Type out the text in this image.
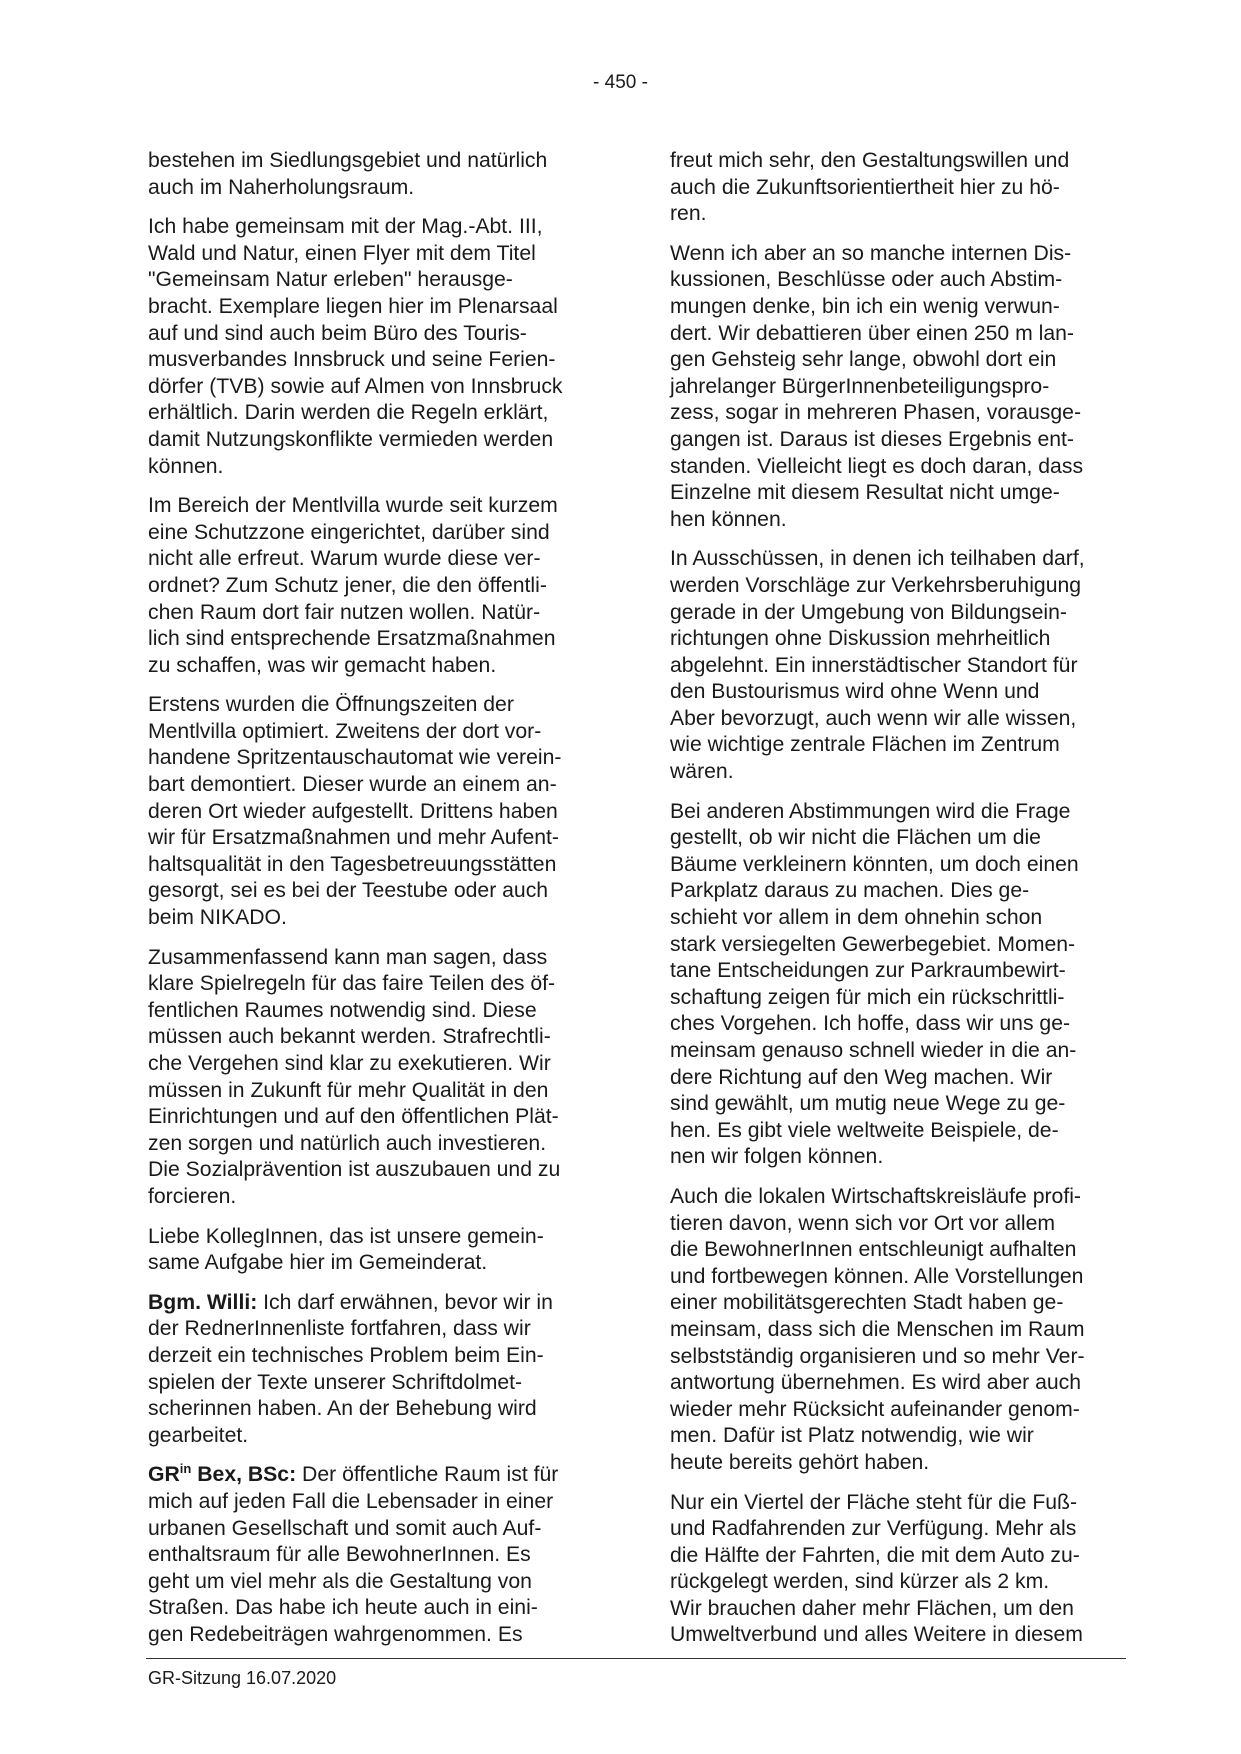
- 450 -

bestehen im Siedlungsgebiet und natürlich
auch im Naherholungsraum.

Ich habe gemeinsam mit der Mag.-Abt. III,
Wald und Natur, einen Flyer mit dem Titel
"Gemeinsam Natur erleben" herausge-
bracht. Exemplare liegen hier im Plenarsaal
auf und sind auch beim Büro des Touris-
musverbandes Innsbruck und seine Ferien-
dörfer (TVB) sowie auf Almen von Innsbruck
erhältlich. Darin werden die Regeln erklärt,
damit Nutzungskonflikte vermieden werden
können.

Im Bereich der Mentlvilla wurde seit kurzem
eine Schutzzone eingerichtet, darüber sind
nicht alle erfreut. Warum wurde diese ver-
ordnet? Zum Schutz jener, die den öffentli-
chen Raum dort fair nutzen wollen. Natür-
lich sind entsprechende Ersatzmaßnahmen
zu schaffen, was wir gemacht haben.

Erstens wurden die Öffnungszeiten der
Mentlvilla optimiert. Zweitens der dort vor-
handene Spritzentauschautomat wie verein-
bart demontiert. Dieser wurde an einem an-
deren Ort wieder aufgestellt. Drittens haben
wir für Ersatzmaßnahmen und mehr Aufent-
haltsqualität in den Tagesbetreuungsstätten
gesorgt, sei es bei der Teestube oder auch
beim NIKADO.

Zusammenfassend kann man sagen, dass
klare Spielregeln für das faire Teilen des öf-
fentlichen Raumes notwendig sind. Diese
müssen auch bekannt werden. Strafrechtli-
che Vergehen sind klar zu exekutieren. Wir
müssen in Zukunft für mehr Qualität in den
Einrichtungen und auf den öffentlichen Plät-
zen sorgen und natürlich auch investieren.
Die Sozialprävention ist auszubauen und zu
forcieren.

Liebe KollegInnen, das ist unsere gemein-
same Aufgabe hier im Gemeinderat.

Bgm. Willi: Ich darf erwähnen, bevor wir in
der RednerInnenliste fortfahren, dass wir
derzeit ein technisches Problem beim Ein-
spielen der Texte unserer Schriftdolmet-
scherinnen haben. An der Behebung wird
gearbeitet.

$GR^{in}$ Bex, BSc: Der öffentliche Raum ist für
mich auf jeden Fall die Lebensader in einer
urbanen Gesellschaft und somit auch Auf-
enthaltsraum für alle BewohnerInnen. Es
geht um viel mehr als die Gestaltung von
Straßen. Das habe ich heute auch in eini-
gen Redebeiträgen wahrgenommen. Es

freut mich sehr, den Gestaltungswillen und
auch die Zukunftsorientiertheit hier zu hö-
ren.

Wenn ich aber an so manche internen Dis-
kussionen, Beschlüsse oder auch Abstim-
mungen denke, bin ich ein wenig verwun-
dert. Wir debattieren über einen 250 m lan-
gen Gehsteig sehr lange, obwohl dort ein
jahrelanger BürgerInnenbeteiligungspro-
zess, sogar in mehreren Phasen, vorausge-
gangen ist. Daraus ist dieses Ergebnis ent-
standen. Vielleicht liegt es doch daran, dass
Einzelne mit diesem Resultat nicht umge-
hen können.

In Ausschüssen, in denen ich teilhaben darf,
werden Vorschläge zur Verkehrsberuhigung
gerade in der Umgebung von Bildungsein-
richtungen ohne Diskussion mehrheitlich
abgelehnt. Ein innerstädtischer Standort für
den Bustourismus wird ohne Wenn und
Aber bevorzugt, auch wenn wir alle wissen,
wie wichtige zentrale Flächen im Zentrum
wären.

Bei anderen Abstimmungen wird die Frage
gestellt, ob wir nicht die Flächen um die
Bäume verkleinern könnten, um doch einen
Parkplatz daraus zu machen. Dies ge-
schieht vor allem in dem ohnehin schon
stark versiegelten Gewerbegebiet. Momen-
tane Entscheidungen zur Parkraumbewirt-
schaftung zeigen für mich ein rückschrittli-
ches Vorgehen. Ich hoffe, dass wir uns ge-
meinsam genauso schnell wieder in die an-
dere Richtung auf den Weg machen. Wir
sind gewählt, um mutig neue Wege zu ge-
hen. Es gibt viele weltweite Beispiele, de-
nen wir folgen können.

Auch die lokalen Wirtschaftskreisläufe profi-
tieren davon, wenn sich vor Ort vor allem
die BewohnerInnen entschleunigt aufhalten
und fortbewegen können. Alle Vorstellungen
einer mobilitätsgerechten Stadt haben ge-
meinsam, dass sich die Menschen im Raum
selbstständig organisieren und so mehr Ver-
antwortung übernehmen. Es wird aber auch
wieder mehr Rücksicht aufeinander genom-
men. Dafür ist Platz notwendig, wie wir
heute bereits gehört haben.

Nur ein Viertel der Fläche steht für die Fuß-
und Radfahrenden zur Verfügung. Mehr als
die Hälfte der Fahrten, die mit dem Auto zu-
rückgelegt werden, sind kürzer als 2 km.
Wir brauchen daher mehr Flächen, um den
Umweltverbund und alles Weitere in diesem

GR-Sitzung 16.07.2020
